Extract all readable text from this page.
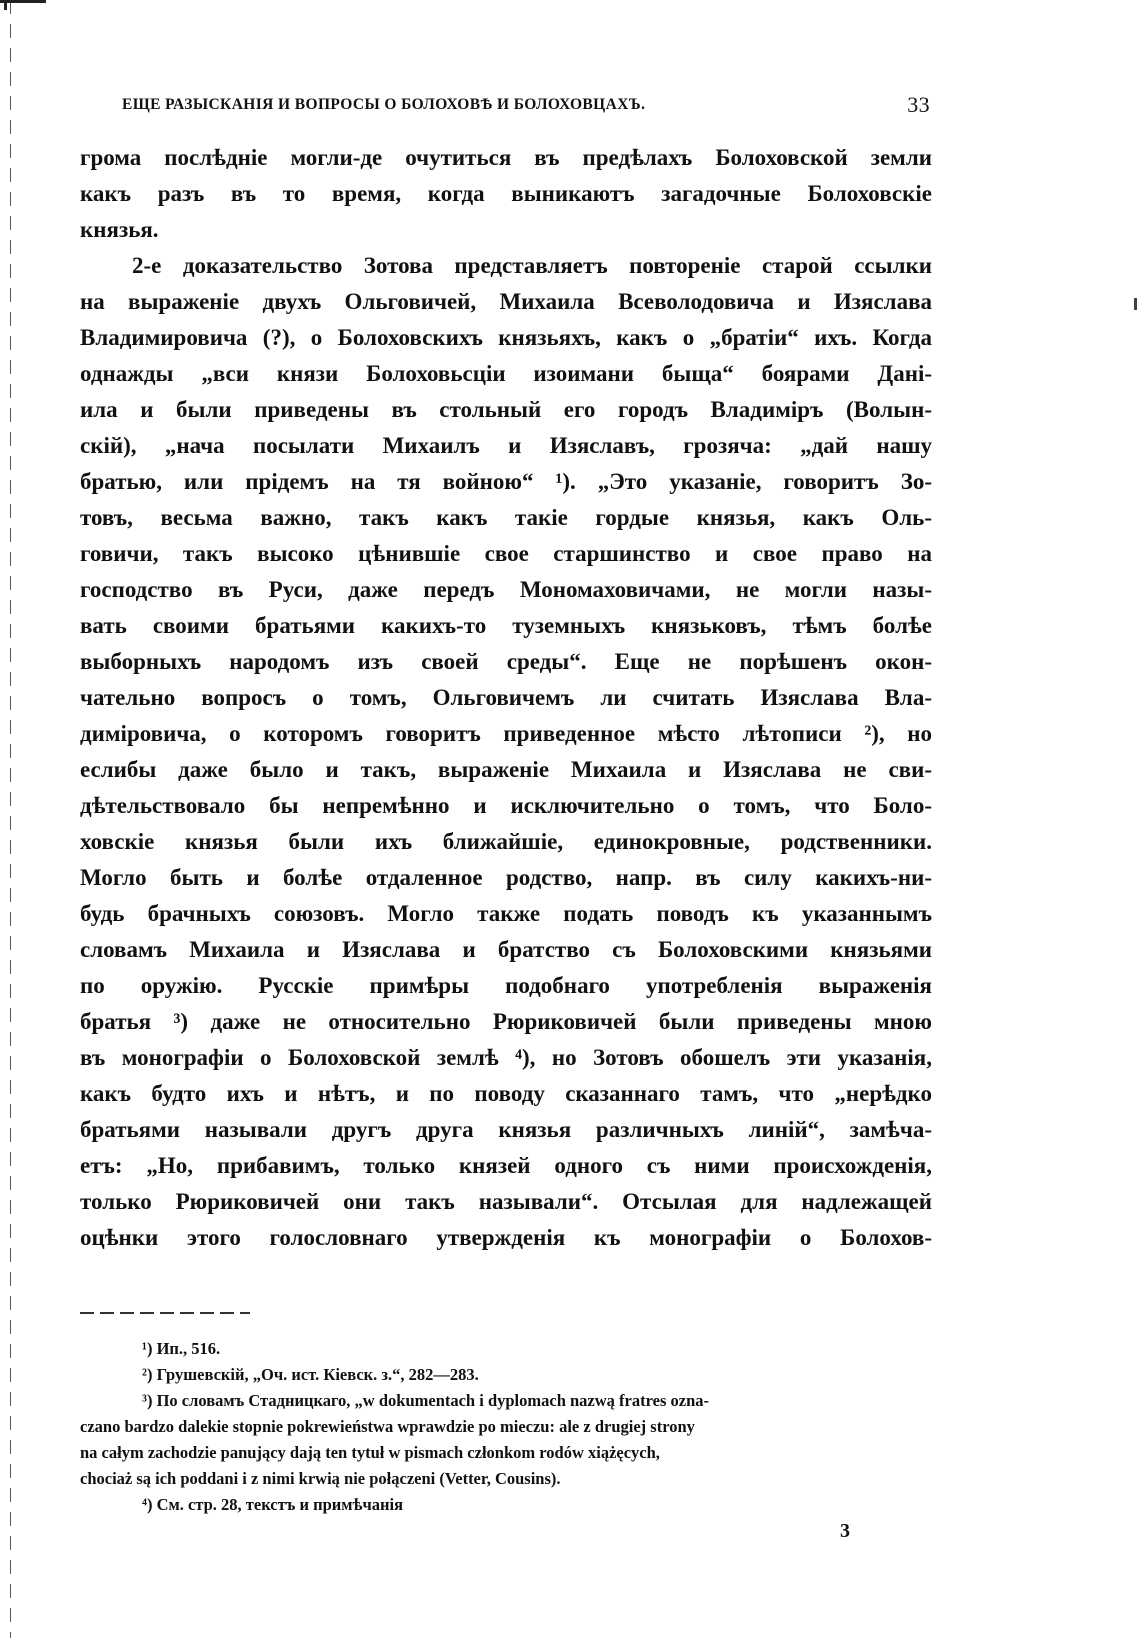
ЕЩЕ РАЗЫСКАНІЯ И ВОПРОСЫ О БОЛОХОВѢ И БОЛОХОВЦАХЪ.	33
грома послѣдніе могли-де очутиться въ предѣлахъ Болоховской земли
какъ разъ въ то время, когда выникаютъ загадочные Болоховскіе
князья.
2-е доказательство Зотова представляетъ повтореніе старой ссылки
на выраженіе двухъ Ольговичей, Михаила Всеволодовича и Изяслава
Владимировича (?), о Болоховскихъ князьяхъ, какъ о „братіи“ ихъ. Когда
однажды „вси князи Болоховьсціи изоимани быща“ боярами Данi-
ила и были приведены въ стольный его городъ Владиміръ (Волын-
скій), „нача посылати Михаилъ и Изяславъ, грозяча: „дай нашу
братью, или прідемъ на тя войною“ ¹). „Это указаніе, говоритъ Зо-
товъ, весьма важно, такъ какъ такіе гордые князья, какъ Оль-
говичи, такъ высоко цѣнившіе свое старшинство и свое право на
господство въ Руси, даже передъ Мономаховичами, не могли назы-
вать своими братьями какихъ-то туземныхъ князьковъ, тѣмъ болѣе
выборныхъ народомъ изъ своей среды“. Еще не порѣшенъ окон-
чательно вопросъ о томъ, Ольговичемъ ли считать Изяслава Вла-
диміровича, о которомъ говоритъ приведенное мѣсто лѣтописи ²), но
еслибы даже было и такъ, выраженіе Михаила и Изяслава не сви-
дѣтельствовало бы непремѣнно и исключительно о томъ, что Боло-
ховскіе князья были ихъ ближайшіе, единокровные, родственники.
Могло быть и болѣе отдаленное родство, напр. въ силу какихъ-ни-
будь брачныхъ союзовъ. Могло также подать поводъ къ указаннымъ
словамъ Михаила и Изяслава и братство съ Болоховскими князьями
по оружію. Русскіе примѣры подобнаго употребленія выраженія
братья ³) даже не относительно Рюриковичей были приведены мною
въ монографіи о Болоховской землѣ ⁴), но Зотовъ обошелъ эти указанія,
какъ будто ихъ и нѣтъ, и по поводу сказаннаго тамъ, что „нерѣдко
братьями называли другъ друга князья различныхъ линій“, замѣча-
етъ: „Но, прибавимъ, только князей одного съ ними происхожденія,
только Рюриковичей они такъ называли“. Отсылая для надлежащей
оцѣнки этого голословнаго утвержденія къ монографіи о Болохов-
¹) Ип., 516.
²) Грушевскій, „Оч. ист. Кіевск. з.“, 282—283.
³) По словамъ Стадницкаго, „w dokumentach i dyplomach nazwą fratres ozna-
czano bardzo dalekie stopnie pokrewieństwa wprawdzie po mieczu: ale z drugiej strony
na całym zachodzie panujący dają ten tytuł w pismach członkom rodów xiążęcych,
chociaż są ich poddani i z nimi krwią nie połączeni (Vetter, Cousins).
⁴) См. стр. 28, текстъ и примѣчанія
3
